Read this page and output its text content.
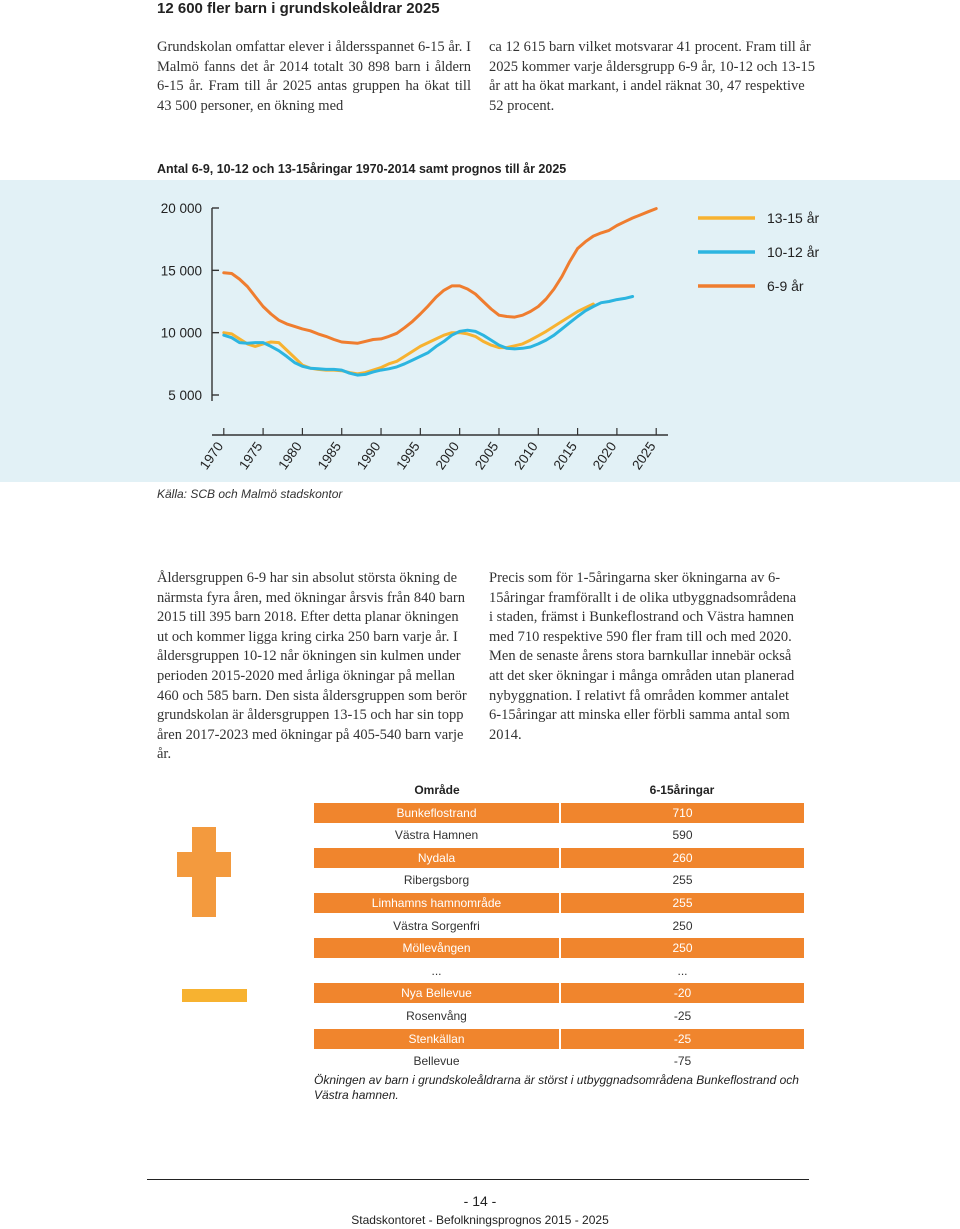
12 600 fler barn i grundskoleåldrar 2025
Grundskolan omfattar elever i åldersspannet 6-15 år. I Malmö fanns det år 2014 totalt 30 898 barn i åldern 6-15 år. Fram till år 2025 antas gruppen ha ökat till 43 500 personer, en ökning med
ca 12 615 barn vilket motsvarar 41 procent. Fram till år 2025 kommer varje åldersgrupp 6-9 år, 10-12 och 13-15 år att ha ökat markant, i andel räknat 30, 47 respektive 52 procent.
Antal 6-9, 10-12 och 13-15åringar 1970-2014 samt prognos till år 2025
5 000
10 000
15 000
20 000
1970 1975 1980 1985 1990 1995 2000 2005 2010 2015 2020 2025
13-15 år
10-12 år
6-9 år
Källa: SCB och Malmö stadskontor
Åldersgruppen 6-9 har sin absolut största ökning de närmsta fyra åren, med ökningar årsvis från 840 barn 2015 till 395 barn 2018. Efter detta planar ökningen ut och kommer ligga kring cirka 250 barn varje år. I åldersgruppen 10-12 når ökningen sin kulmen under perioden 2015-2020 med årliga ökningar på mellan 460 och 585 barn. Den sista åldersgruppen som berör grundskolan är åldersgruppen 13-15 och har sin topp åren 2017-2023 med ökningar på 405-540 barn varje år.
Precis som för 1-5åringarna sker ökningarna av 6-15åringar framförallt i de olika utbyggnadsområdena i staden, främst i Bunkeflostrand och Västra hamnen med 710 respektive 590 fler fram till och med 2020. Men de senaste årens stora barnkullar innebär också att det sker ökningar i många områden utan planerad nybyggnation. I relativt få områden kommer antalet 6-15åringar att minska eller förbli samma antal som 2014.
Område	6-15åringar
Bunkeflostrand	710
Västra Hamnen	590
Nydala	260
Ribergsborg	255
Limhamns hamnområde	255
Västra Sorgenfri	250
Möllevången	250
...	...
Nya Bellevue	-20
Rosenvång	-25
Stenkällan	-25
Bellevue	-75
Ökningen av barn i grundskoleåldrarna är störst i utbyggnadsområdena Bunkeflostrand och Västra hamnen.
- 14 -
Stadskontoret - Befolkningsprognos 2015 - 2025
